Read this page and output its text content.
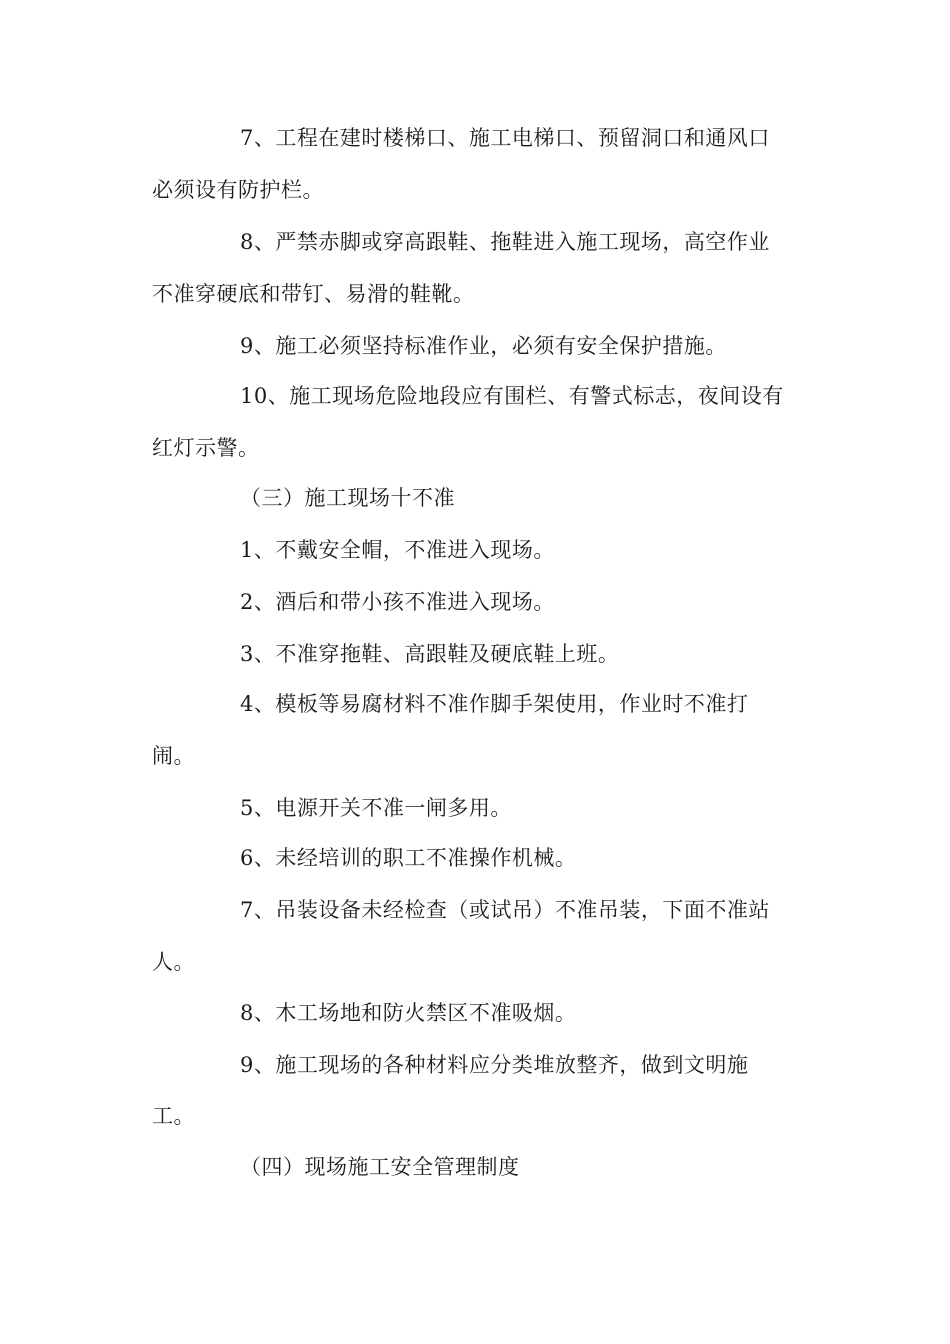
7、工程在建时楼梯口、施工电梯口、预留洞口和通风口
必须设有防护栏。
8、严禁赤脚或穿高跟鞋、拖鞋进入施工现场，高空作业
不准穿硬底和带钉、易滑的鞋靴。
9、施工必须坚持标准作业，必须有安全保护措施。
10、施工现场危险地段应有围栏、有警式标志，夜间设有
红灯示警。
（三）施工现场十不准
1、不戴安全帽，不准进入现场。
2、酒后和带小孩不准进入现场。
3、不准穿拖鞋、高跟鞋及硬底鞋上班。
4、模板等易腐材料不准作脚手架使用，作业时不准打
闹。
5、电源开关不准一闸多用。
6、未经培训的职工不准操作机械。
7、吊装设备未经检查（或试吊）不准吊装，下面不准站
人。
8、木工场地和防火禁区不准吸烟。
9、施工现场的各种材料应分类堆放整齐，做到文明施
工。
（四）现场施工安全管理制度
